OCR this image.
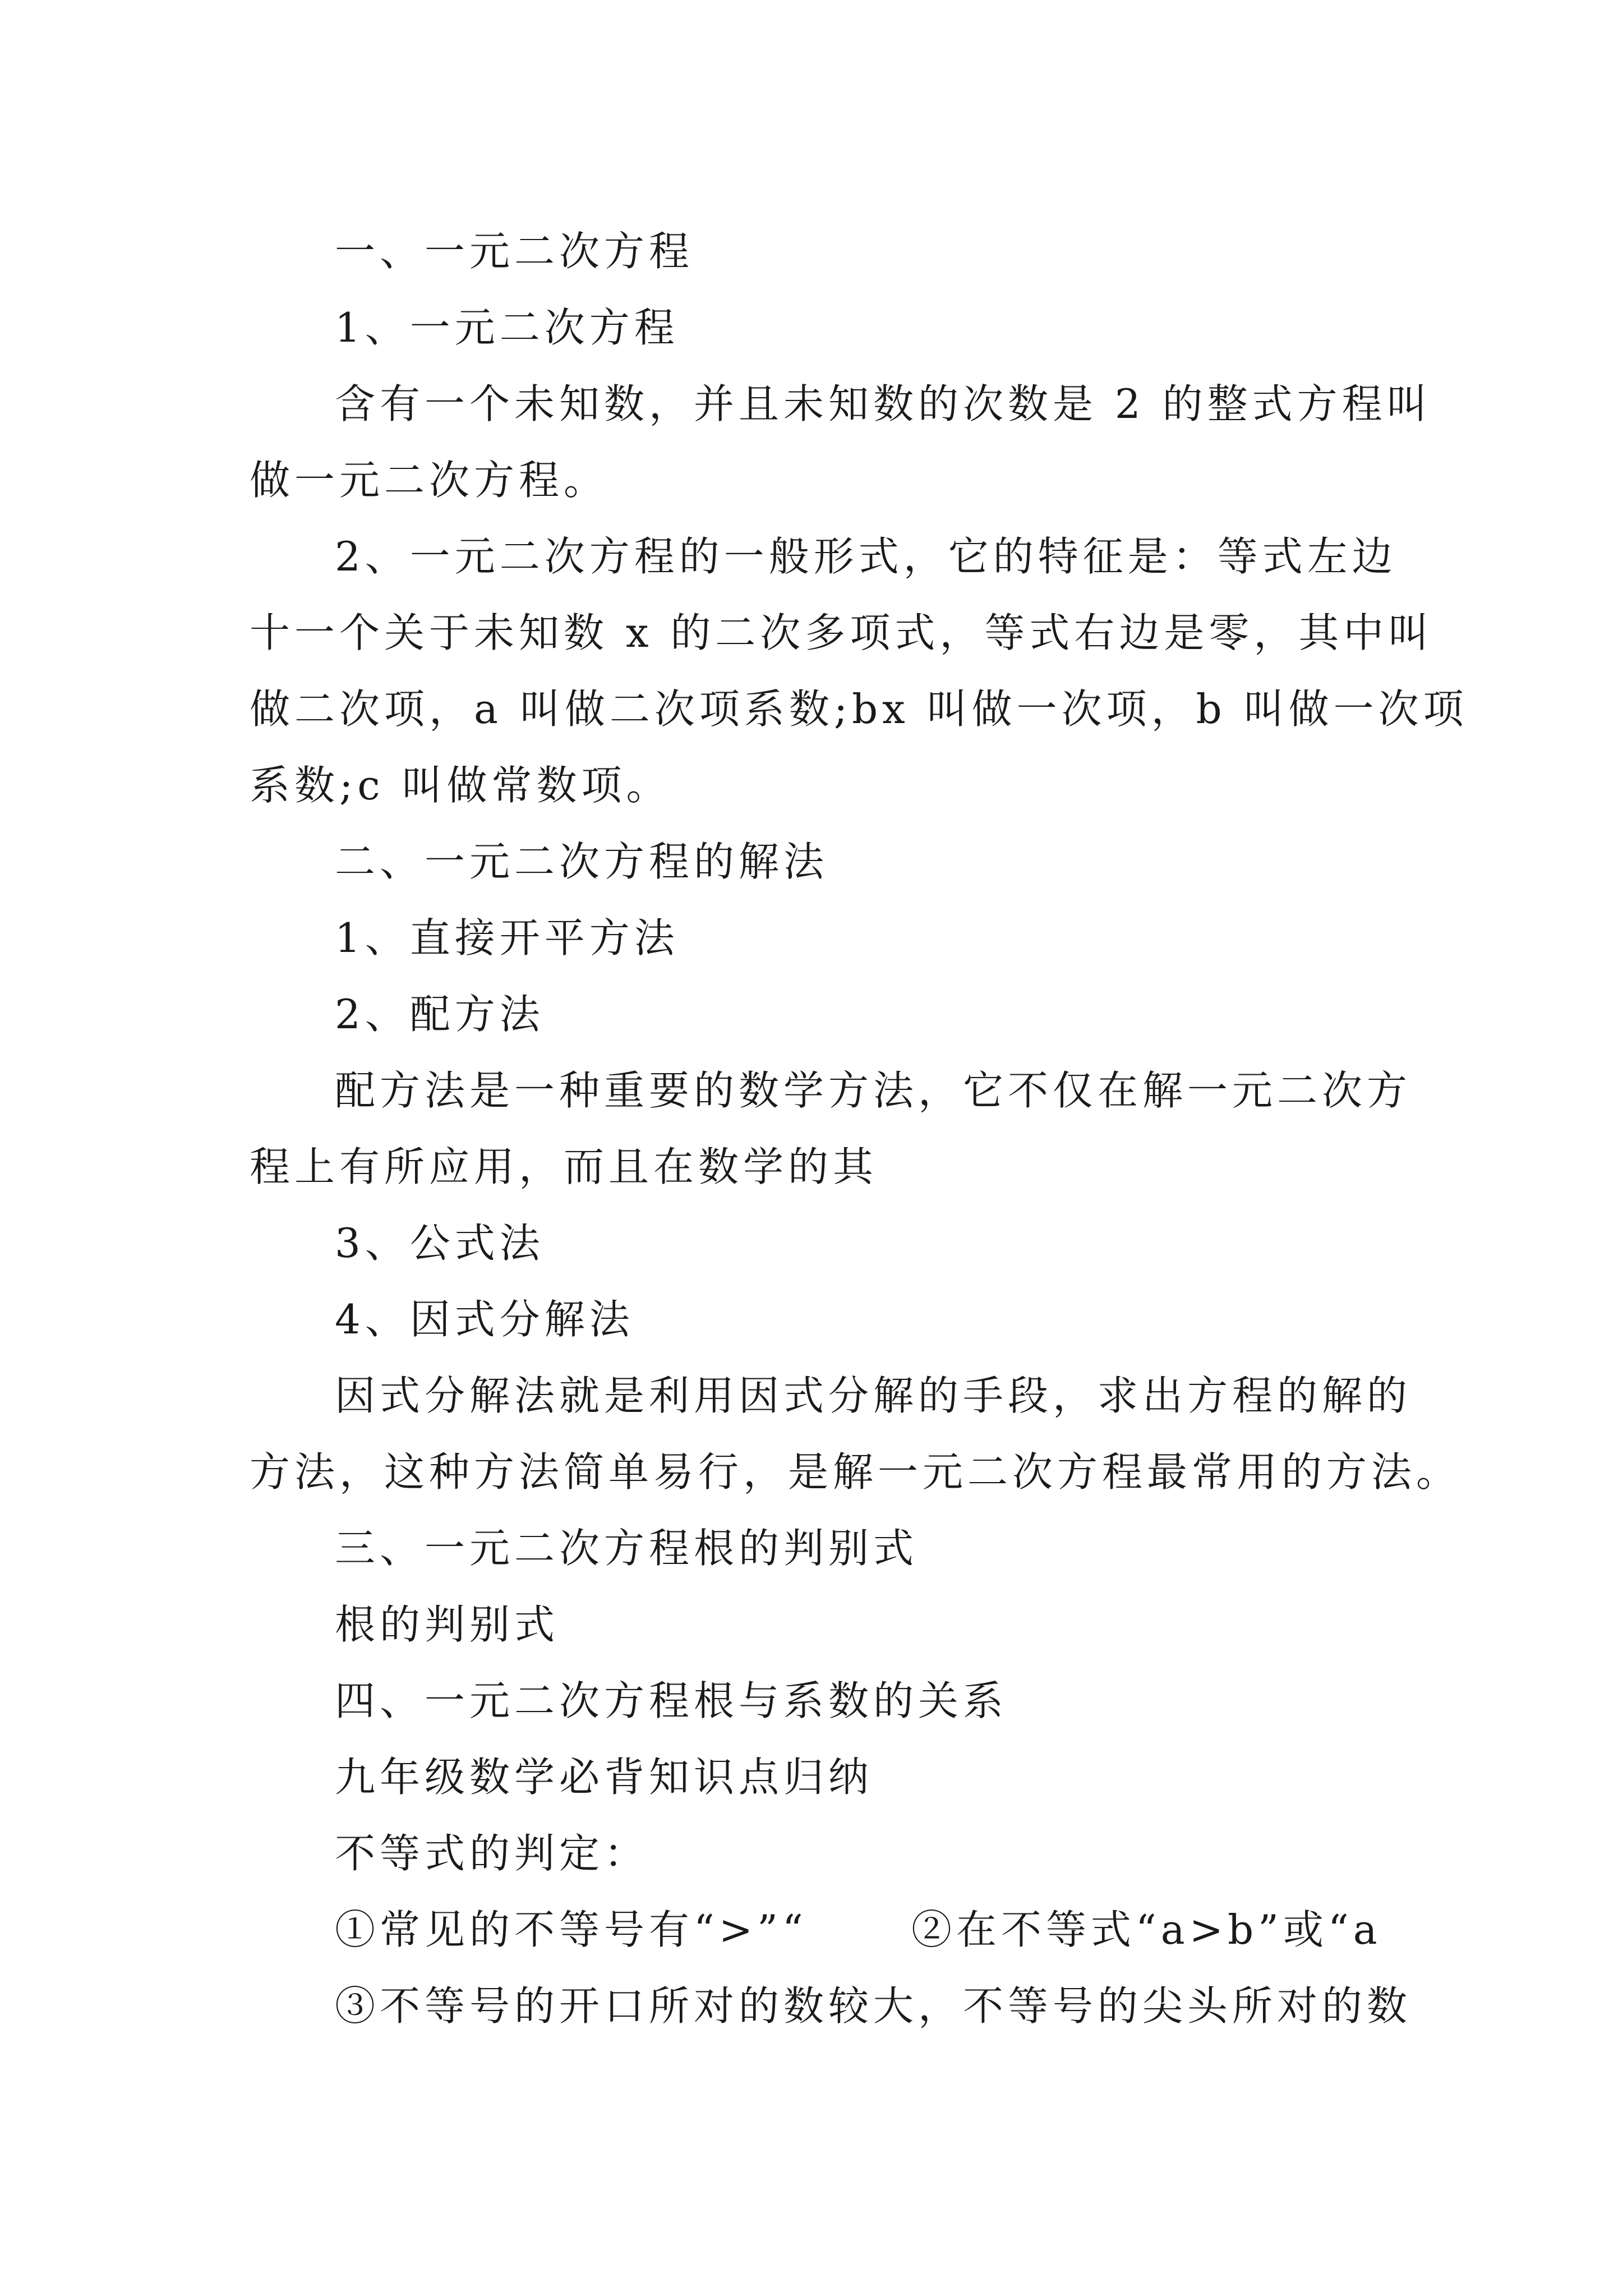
一、一元二次方程
1、一元二次方程
含有一个未知数，并且未知数的次数是 2 的整式方程叫
做一元二次方程。
2、一元二次方程的一般形式，它的特征是：等式左边
十一个关于未知数 x 的二次多项式，等式右边是零，其中叫
做二次项，a 叫做二次项系数;bx 叫做一次项，b 叫做一次项
系数;c 叫做常数项。
二、一元二次方程的解法
1、直接开平方法
2、配方法
配方法是一种重要的数学方法，它不仅在解一元二次方
程上有所应用，而且在数学的其
3、公式法
4、因式分解法
因式分解法就是利用因式分解的手段，求出方程的解的
方法，这种方法简单易行，是解一元二次方程最常用的方法。
三、一元二次方程根的判别式
根的判别式
四、一元二次方程根与系数的关系
九年级数学必背知识点归纳
不等式的判定：
①常见的不等号有“>”“	②在不等式“a>b”或“a
③不等号的开口所对的数较大，不等号的尖头所对的数
